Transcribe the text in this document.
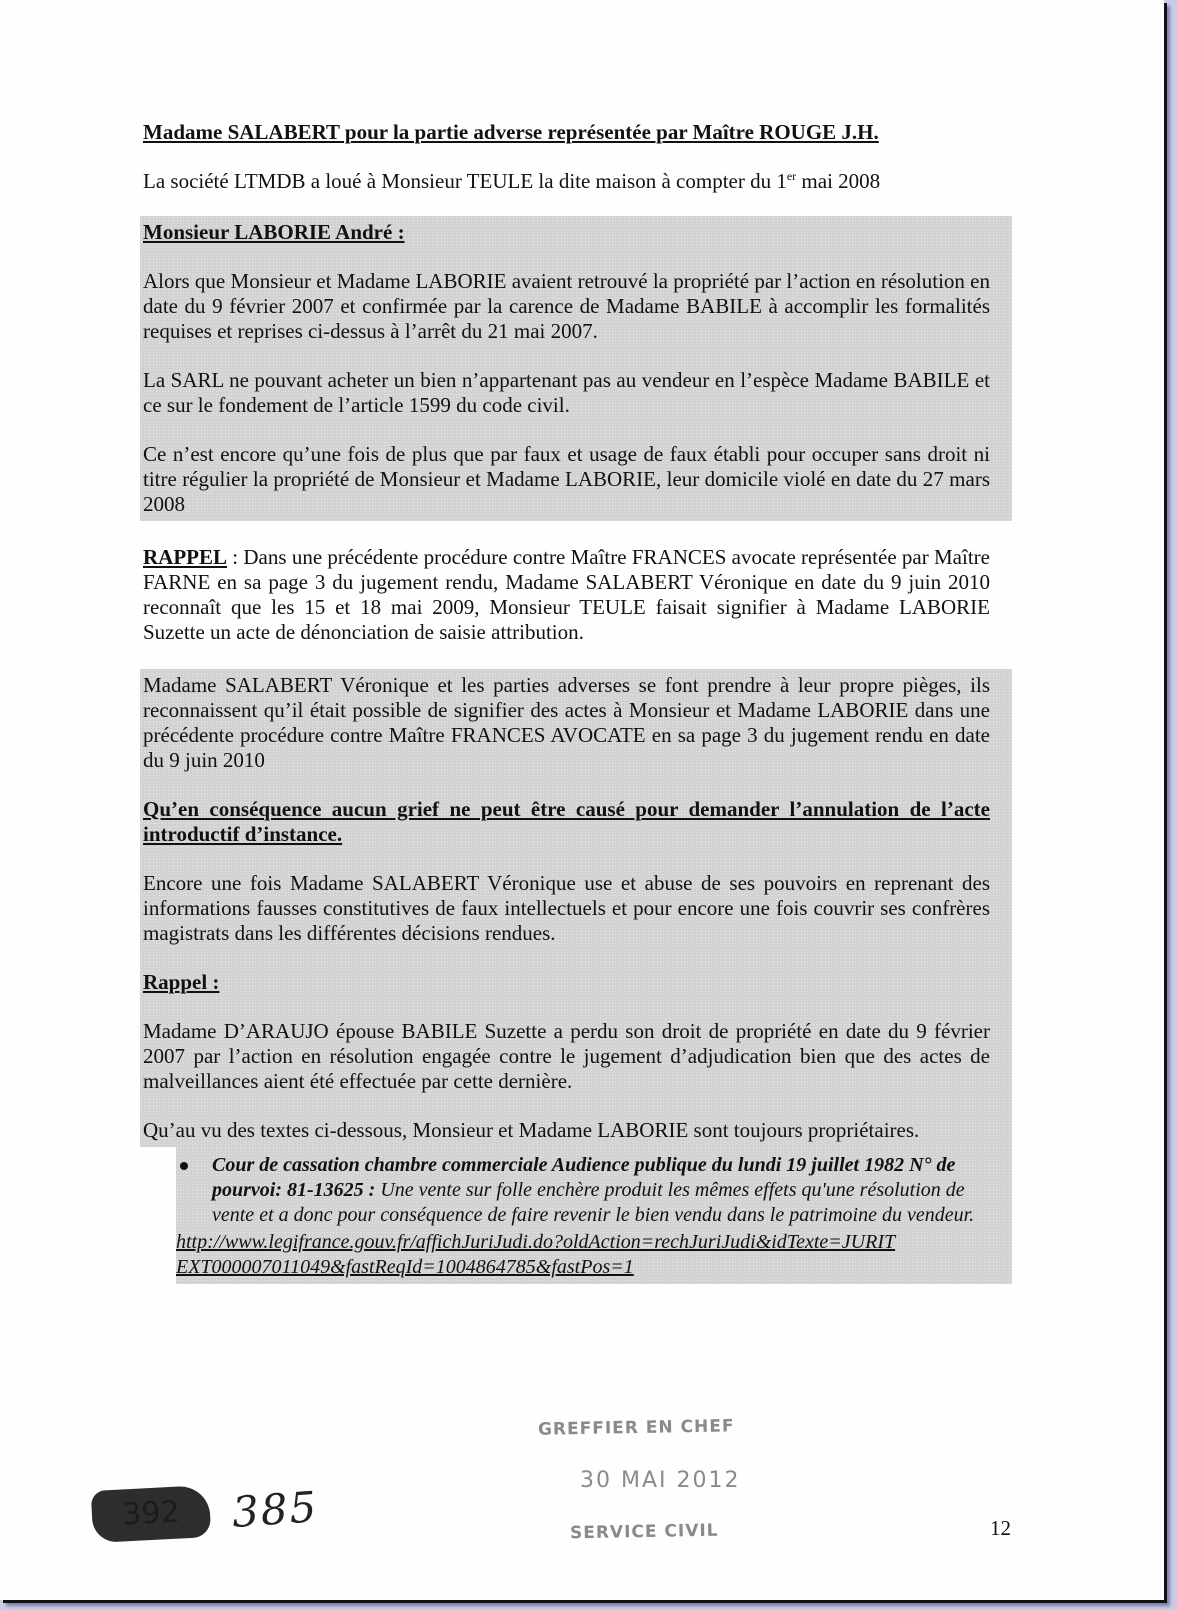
Madame SALABERT pour la partie adverse représentée par Maître ROUGE J.H.

La société LTMDB a loué à Monsieur TEULE la dite maison à compter du 1er mai 2008

Monsieur LABORIE André :

Alors que Monsieur et Madame LABORIE avaient retrouvé la propriété par l’action en résolution en date du 9 février 2007 et confirmée par la carence de Madame BABILE à accomplir les formalités requises et reprises ci-dessus à l’arrêt du 21 mai 2007.

La SARL ne pouvant acheter un bien n’appartenant pas au vendeur en l’espèce Madame BABILE et ce sur le fondement de l’article 1599 du code civil.

Ce n’est encore qu’une fois de plus que par faux et usage de faux établi pour occuper sans droit ni titre régulier la propriété de Monsieur et Madame LABORIE, leur domicile violé en date du 27 mars 2008

RAPPEL : Dans une précédente procédure contre Maître FRANCES avocate représentée par Maître FARNE en sa page 3 du jugement rendu, Madame SALABERT Véronique en date du 9 juin 2010 reconnaît que les 15 et 18 mai 2009, Monsieur TEULE faisait signifier à Madame LABORIE Suzette un acte de dénonciation de saisie attribution.

Madame SALABERT Véronique et les parties adverses se font prendre à leur propre pièges, ils reconnaissent qu’il était possible de signifier des actes à Monsieur et Madame LABORIE dans une précédente procédure contre Maître FRANCES AVOCATE en sa page 3 du jugement rendu en date du 9 juin 2010

Qu’en conséquence aucun grief ne peut être causé pour demander l’annulation de l’acte introductif d’instance.

Encore une fois Madame SALABERT Véronique use et abuse de ses pouvoirs en reprenant des informations fausses constitutives de faux intellectuels et pour encore une fois couvrir ses confrères magistrats dans les différentes décisions rendues.

Rappel :

Madame D’ARAUJO épouse BABILE Suzette a perdu son droit de propriété en date du 9 février 2007 par l’action en résolution engagée contre le jugement d’adjudication bien que des actes de malveillances aient été effectuée par cette dernière.

Qu’au vu des textes ci-dessous, Monsieur et Madame LABORIE sont toujours propriétaires.

Cour de cassation chambre commerciale Audience publique du lundi 19 juillet 1982 N° de pourvoi: 81-13625 : Une vente sur folle enchère produit les mêmes effets qu'une résolution de vente et a donc pour conséquence de faire revenir le bien vendu dans le patrimoine du vendeur.
http://www.legifrance.gouv.fr/affichJuriJudi.do?oldAction=rechJuriJudi&idTexte=JURIT
EXT000007011049&fastReqId=1004864785&fastPos=1
GREFFIER EN CHEF
30 MAI 2012
SERVICE CIVIL
392	385	12
